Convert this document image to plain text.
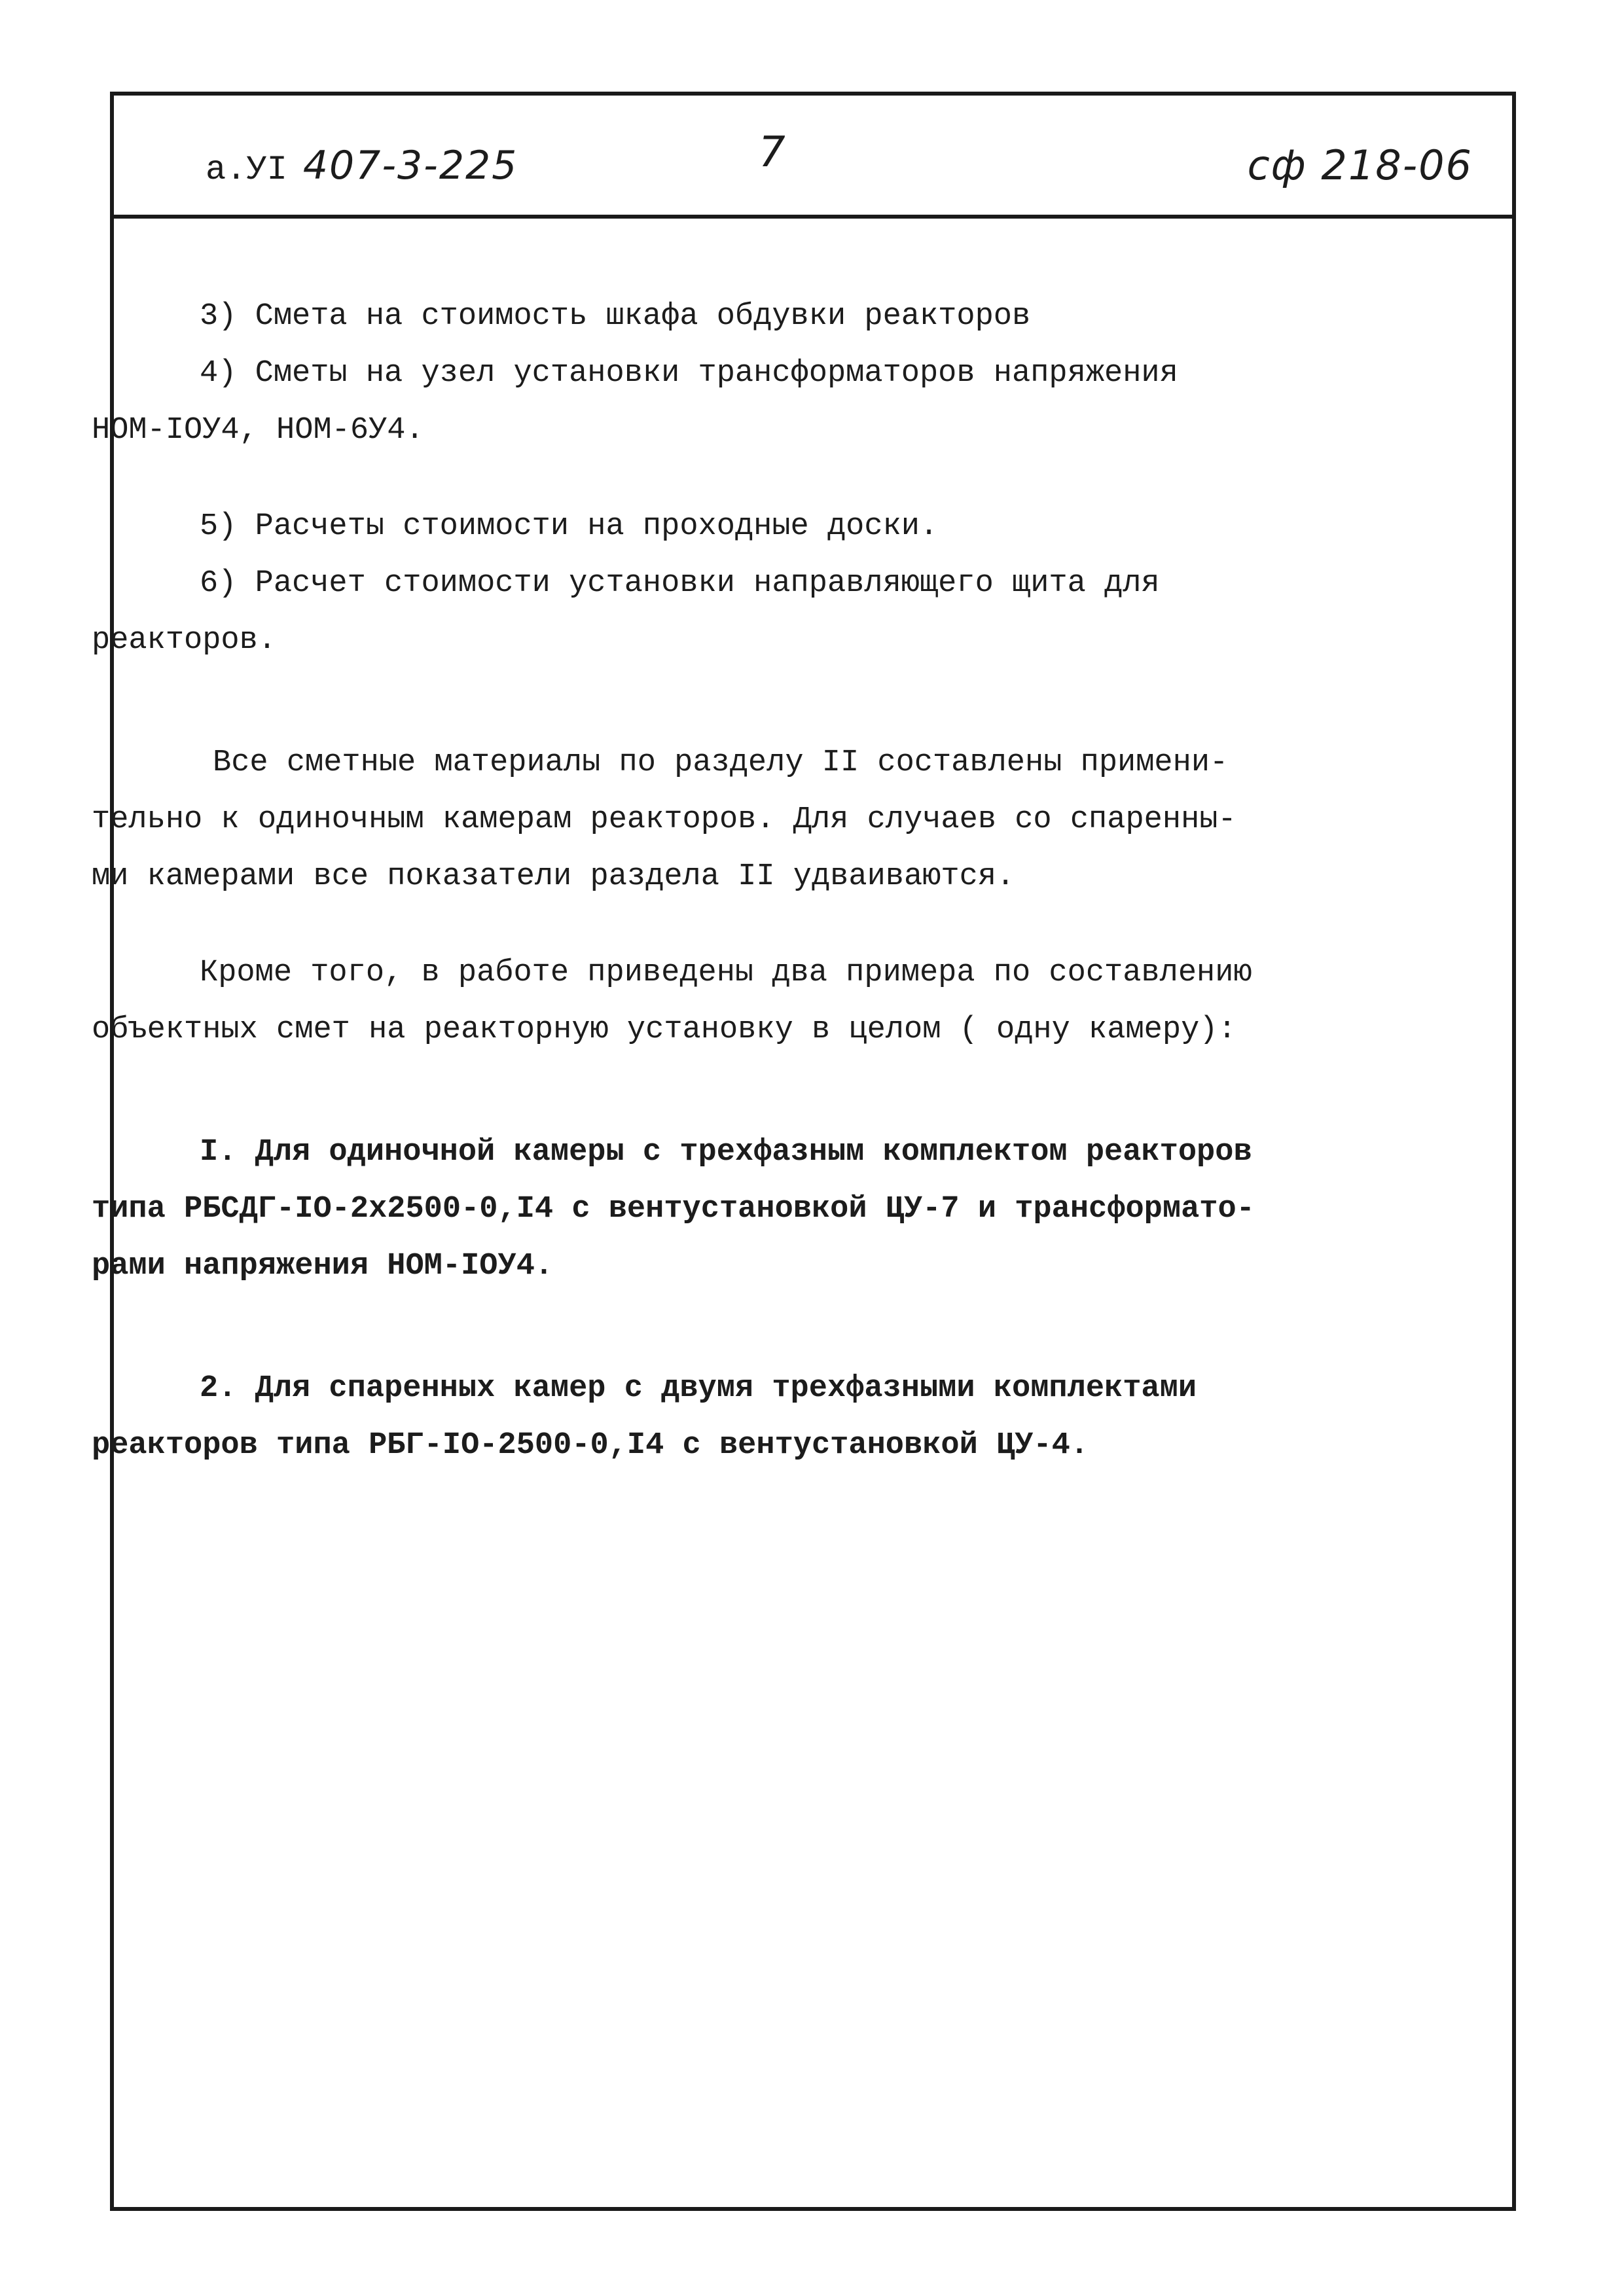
а.УI 407-3-225	7	сф 218-06
3) Смета на стоимость шкафа обдувки реакторов
4) Сметы на узел установки трансформаторов напряжения
НОМ-IОУ4, НОМ-6У4.
5) Расчеты стоимости на проходные доски.
6) Расчет стоимости установки направляющего щита для
реакторов.
Все сметные материалы по разделу II составлены примени-
тельно к одиночным камерам реакторов. Для случаев со спаренны-
ми камерами все показатели раздела II удваиваются.
Кроме того, в работе приведены два примера по составлению
объектных смет на реакторную установку в целом ( одну камеру):
I. Для одиночной камеры с трехфазным комплектом реакторов
типа РБСДГ-IО-2х2500-0,I4 с вентустановкой ЦУ-7 и трансформато-
рами напряжения НОМ-IОУ4.
2. Для спаренных камер с двумя трехфазными комплектами
реакторов типа РБГ-IО-2500-0,I4 с вентустановкой ЦУ-4.
